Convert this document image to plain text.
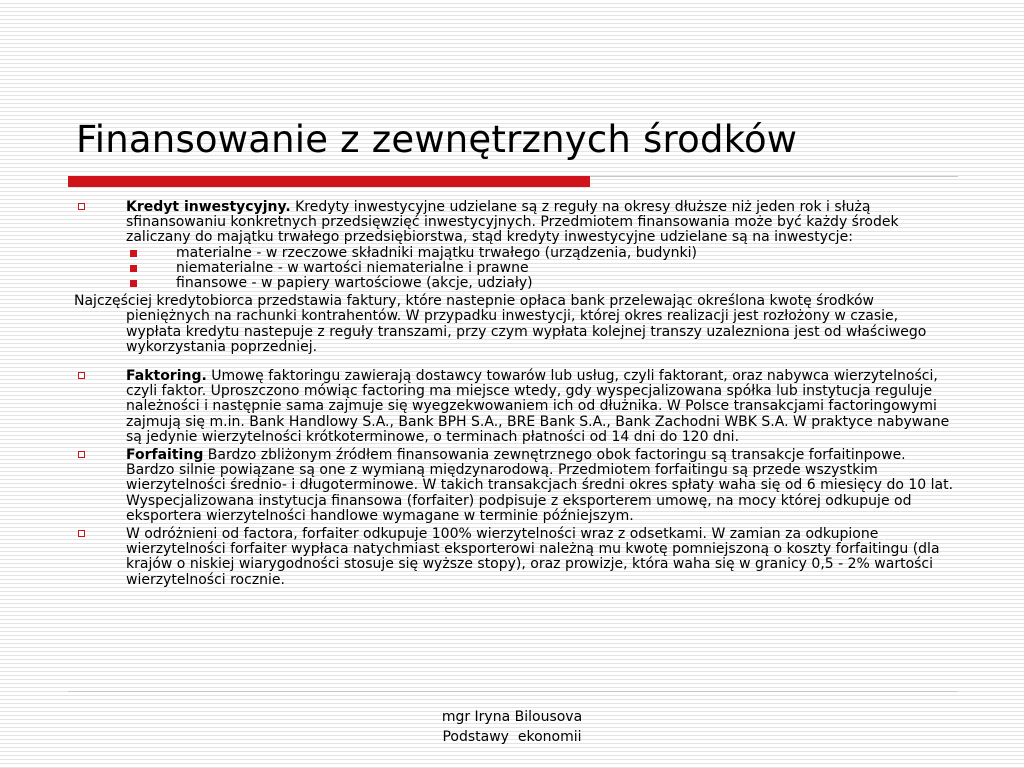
Finansowanie z zewnętrznych środków

Kredyt inwestycyjny. Kredyty inwestycyjne udzielane są z reguły na okresy dłuższe niż jeden rok i służą sfinansowaniu konkretnych przedsięwzięć inwestycyjnych. Przedmiotem finansowania może być każdy środek zaliczany do majątku trwałego przedsiębiorstwa, stąd kredyty inwestycyjne udzielane są na inwestycje:

materialne - w rzeczowe składniki majątku trwałego (urządzenia, budynki)

niematerialne - w wartości niematerialne i prawne

finansowe - w papiery wartościowe (akcje, udziały)

Najczęściej kredytobiorca przedstawia faktury, które nastepnie opłaca bank przelewając określona kwotę środków pieniężnych na rachunki kontrahentów. W przypadku inwestycji, której okres realizacji jest rozłożony w czasie, wypłata kredytu nastepuje z reguły transzami, przy czym wypłata kolejnej transzy uzalezniona jest od właściwego wykorzystania poprzedniej.

Faktoring. Umowę faktoringu zawierają dostawcy towarów lub usług, czyli faktorant, oraz nabywca wierzytelności, czyli faktor. Uproszczono mówiąc factoring ma miejsce wtedy, gdy wyspecjalizowana spółka lub instytucja reguluje należności i następnie sama zajmuje się wyegzekwowaniem ich od dłużnika. W Polsce transakcjami factoringowymi zajmują się m.in. Bank Handlowy S.A., Bank BPH S.A., BRE Bank S.A., Bank Zachodni WBK S.A. W praktyce nabywane są jedynie wierzytelności krótkoterminowe, o terminach płatności od 14 dni do 120 dni.

Forfaiting Bardzo zbliżonym źródłem finansowania zewnętrznego obok factoringu są transakcje forfaitinpowe. Bardzo silnie powiązane są one z wymianą międzynarodową. Przedmiotem forfaitingu są przede wszystkim wierzytelności średnio- i długoterminowe. W takich transakcjach średni okres spłaty waha się od 6 miesięcy do 10 lat. Wyspecjalizowana instytucja finansowa (forfaiter) podpisuje z eksporterem umowę, na mocy której odkupuje od eksportera wierzytelności handlowe wymagane w terminie późniejszym.

W odróżnieni od factora, forfaiter odkupuje 100% wierzytelności wraz z odsetkami. W zamian za odkupione wierzytelności forfaiter wypłaca natychmiast eksporterowi należną mu kwotę pomniejszoną o koszty forfaitingu (dla krajów o niskiej wiarygodności stosuje się wyższe stopy), oraz prowizje, która waha się w granicy 0,5 - 2% wartości wierzytelności rocznie.

mgr Iryna Bilousova
Podstawy  ekonomii
